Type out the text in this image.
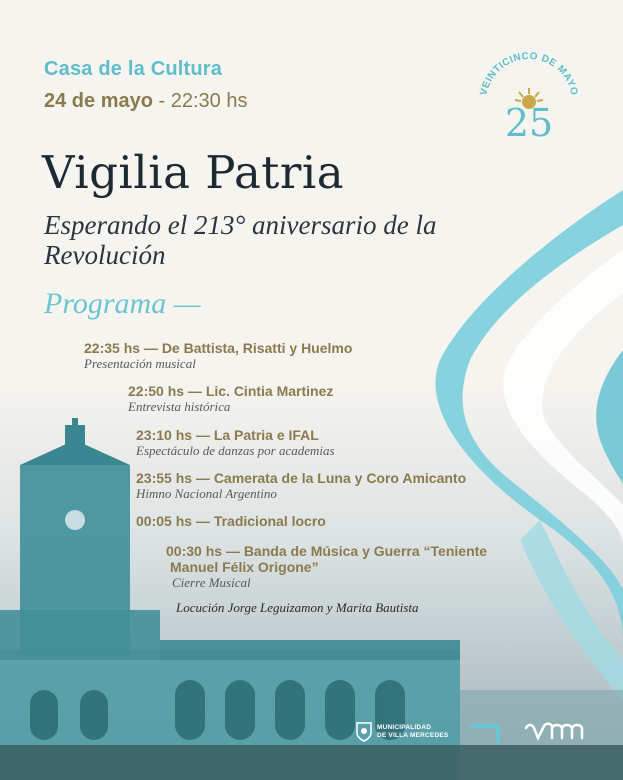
VEINTICINCO DE MAYO
25
Casa de la Cultura
24 de mayo - 22:30 hs
Vigilia Patria
Esperando el 213° aniversario de la Revolución
Programa —
22:35 hs — De Battista, Risatti y Huelmo
Presentación musical
22:50 hs — Lic. Cintia Martinez
Entrevista histórica
23:10 hs — La Patria e IFAL
Espectáculo de danzas por academias
23:55 hs — Camerata de la Luna y Coro Amicanto
Himno Nacional Argentino
00:05 hs — Tradicional locro
00:30 hs — Banda de Música y Guerra “Teniente
Manuel Félix Origone”
Cierre Musical
Locución Jorge Leguizamon y Marita Bautista
MUNICIPALIDAD
DE VILLA MERCEDES
